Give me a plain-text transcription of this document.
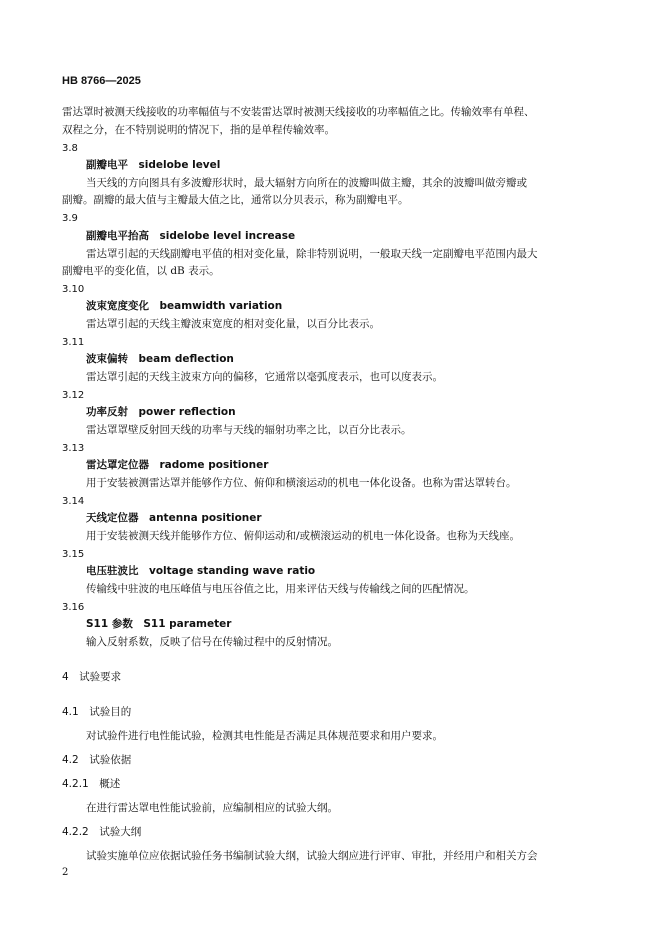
HB 8766—2025
雷达罩时被测天线接收的功率幅值与不安装雷达罩时被测天线接收的功率幅值之比。传输效率有单程、
双程之分，在不特别说明的情况下，指的是单程传输效率。
3.8
副瓣电平　sidelobe level
当天线的方向图具有多波瓣形状时，最大辐射方向所在的波瓣叫做主瓣，其余的波瓣叫做旁瓣或
副瓣。副瓣的最大值与主瓣最大值之比，通常以分贝表示，称为副瓣电平。
3.9
副瓣电平抬高　sidelobe level increase
雷达罩引起的天线副瓣电平值的相对变化量，除非特别说明，一般取天线一定副瓣电平范围内最大
副瓣电平的变化值，以 dB 表示。
3.10
波束宽度变化　beamwidth variation
雷达罩引起的天线主瓣波束宽度的相对变化量，以百分比表示。
3.11
波束偏转　beam deflection
雷达罩引起的天线主波束方向的偏移，它通常以毫弧度表示，也可以度表示。
3.12
功率反射　power reflection
雷达罩罩壁反射回天线的功率与天线的辐射功率之比，以百分比表示。
3.13
雷达罩定位器　radome positioner
用于安装被测雷达罩并能够作方位、俯仰和横滚运动的机电一体化设备。也称为雷达罩转台。
3.14
天线定位器　antenna positioner
用于安装被测天线并能够作方位、俯仰运动和/或横滚运动的机电一体化设备。也称为天线座。
3.15
电压驻波比　voltage standing wave ratio
传输线中驻波的电压峰值与电压谷值之比，用来评估天线与传输线之间的匹配情况。
3.16
S11 参数　S11 parameter
输入反射系数，反映了信号在传输过程中的反射情况。
4　试验要求
4.1　试验目的
对试验件进行电性能试验，检测其电性能是否满足具体规范要求和用户要求。
4.2　试验依据
4.2.1　概述
在进行雷达罩电性能试验前，应编制相应的试验大纲。
4.2.2　试验大纲
试验实施单位应依据试验任务书编制试验大纲，试验大纲应进行评审、审批，并经用户和相关方会
2
